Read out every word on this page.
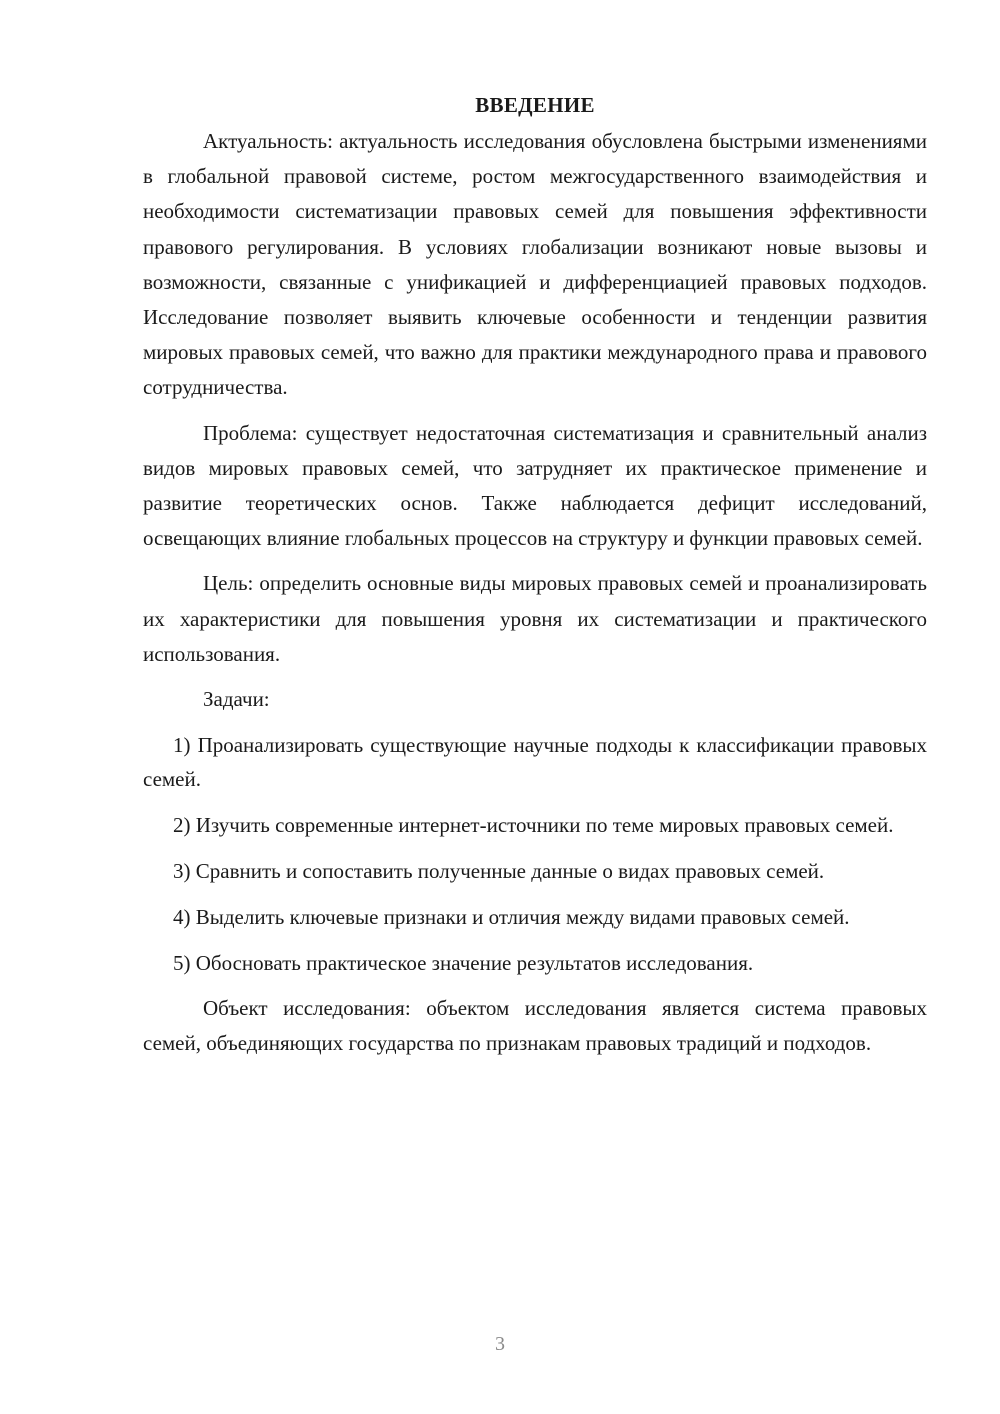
ВВЕДЕНИЕ

Актуальность: актуальность исследования обусловлена быстрыми изменениями в глобальной правовой системе, ростом межгосударственного взаимодействия и необходимости систематизации правовых семей для повышения эффективности правового регулирования. В условиях глобализации возникают новые вызовы и возможности, связанные с унификацией и дифференциацией правовых подходов. Исследование позволяет выявить ключевые особенности и тенденции развития мировых правовых семей, что важно для практики международного права и правового сотрудничества.

Проблема: существует недостаточная систематизация и сравнительный анализ видов мировых правовых семей, что затрудняет их практическое применение и развитие теоретических основ. Также наблюдается дефицит исследований, освещающих влияние глобальных процессов на структуру и функции правовых семей.

Цель: определить основные виды мировых правовых семей и проанализировать их характеристики для повышения уровня их систематизации и практического использования.

Задачи:

1) Проанализировать существующие научные подходы к классификации правовых семей.

2) Изучить современные интернет-источники по теме мировых правовых семей.

3) Сравнить и сопоставить полученные данные о видах правовых семей.

4) Выделить ключевые признаки и отличия между видами правовых семей.

5) Обосновать практическое значение результатов исследования.

Объект исследования: объектом исследования является система правовых семей, объединяющих государства по признакам правовых традиций и подходов.

3
